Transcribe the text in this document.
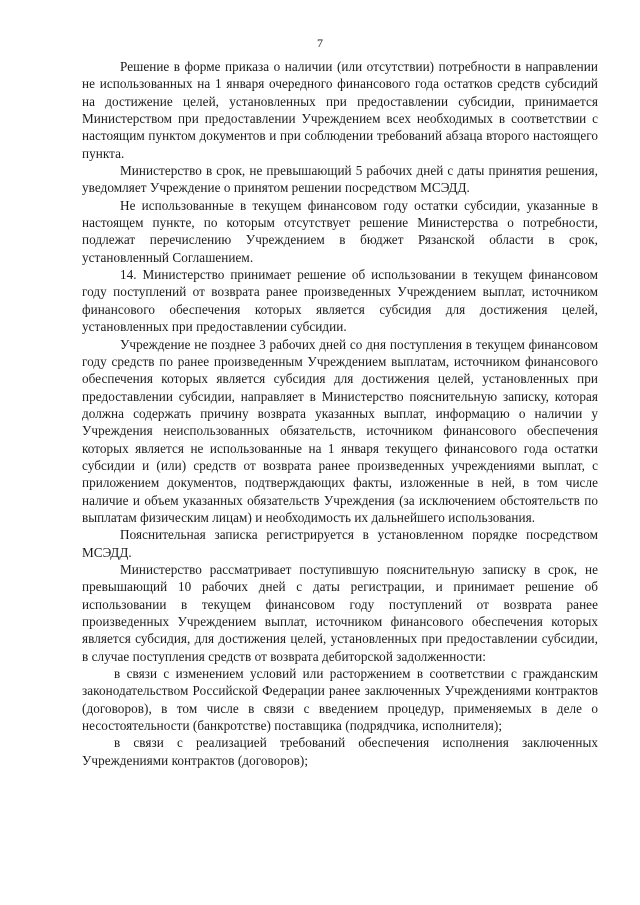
7

Решение в форме приказа о наличии (или отсутствии) потребности в направлении не использованных на 1 января очередного финансового года остатков средств субсидий на достижение целей, установленных при предоставлении субсидии, принимается Министерством при предоставлении Учреждением всех необходимых в соответствии с настоящим пунктом документов и при соблюдении требований абзаца второго настоящего пункта.

Министерство в срок, не превышающий 5 рабочих дней с даты принятия решения, уведомляет Учреждение о принятом решении посредством МСЭДД.

Не использованные в текущем финансовом году остатки субсидии, указанные в настоящем пункте, по которым отсутствует решение Министерства о потребности, подлежат перечислению Учреждением в бюджет Рязанской области в срок, установленный Соглашением.

14. Министерство принимает решение об использовании в текущем финансовом году поступлений от возврата ранее произведенных Учреждением выплат, источником финансового обеспечения которых является субсидия для достижения целей, установленных при предоставлении субсидии.

Учреждение не позднее 3 рабочих дней со дня поступления в текущем финансовом году средств по ранее произведенным Учреждением выплатам, источником финансового обеспечения которых является субсидия для достижения целей, установленных при предоставлении субсидии, направляет в Министерство пояснительную записку, которая должна содержать причину возврата указанных выплат, информацию о наличии у Учреждения неиспользованных обязательств, источником финансового обеспечения которых является не использованные на 1 января текущего финансового года остатки субсидии и (или) средств от возврата ранее произведенных учреждениями выплат, с приложением документов, подтверждающих факты, изложенные в ней, в том числе наличие и объем указанных обязательств Учреждения (за исключением обстоятельств по выплатам физическим лицам) и необходимость их дальнейшего использования.

Пояснительная записка регистрируется в установленном порядке посредством МСЭДД.

Министерство рассматривает поступившую пояснительную записку в срок, не превышающий 10 рабочих дней с даты регистрации, и принимает решение об использовании в текущем финансовом году поступлений от возврата ранее произведенных Учреждением выплат, источником финансового обеспечения которых является субсидия, для достижения целей, установленных при предоставлении субсидии, в случае поступления средств от возврата дебиторской задолженности:

в связи с изменением условий или расторжением в соответствии с гражданским законодательством Российской Федерации ранее заключенных Учреждениями контрактов (договоров), в том числе в связи с введением процедур, применяемых в деле о несостоятельности (банкротстве) поставщика (подрядчика, исполнителя);

в связи с реализацией требований обеспечения исполнения заключенных Учреждениями контрактов (договоров);
